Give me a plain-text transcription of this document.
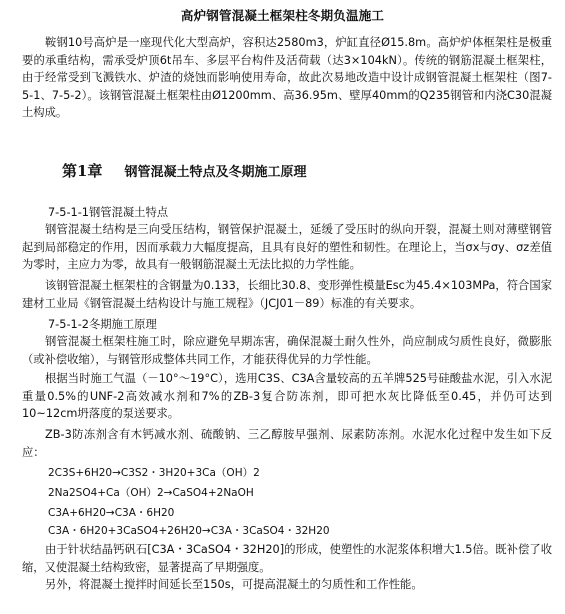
高炉钢管混凝土框架柱冬期负温施工

鞍钢10号高炉是一座现代化大型高炉，容积达2580m3，炉缸直径Ø15.8m。高炉炉体框架柱是极重要的承重结构，需承受炉顶6t吊车、多层平台构件及活荷载（达3×104kN）。传统的钢筋混凝土框架柱，由于经常受到飞溅铁水、炉渣的烧蚀而影响使用寿命，故此次易地改造中设计成钢管混凝土框架柱（图7-5-1、7-5-2）。该钢管混凝土框架柱由Ø1200mm、高36.95m、壁厚40mm的Q235钢管和内浇C30混凝土构成。

第1章 钢管混凝土特点及冬期施工原理
7-5-1-1钢管混凝土特点

钢管混凝土结构是三向受压结构，钢管保护混凝土，延缓了受压时的纵向开裂，混凝土则对薄壁钢管起到局部稳定的作用，因而承载力大幅度提高，且具有良好的塑性和韧性。在理论上，当σx与σy、σz差值为零时，主应力为零，故具有一般钢筋混凝土无法比拟的力学性能。

该钢管混凝土框架柱的含钢量为0.133，长细比30.8、变形弹性模量Esc为45.4×103MPa，符合国家建材工业局《钢管混凝土结构设计与施工规程》（JCJ01－89）标准的有关要求。

7-5-1-2冬期施工原理

钢管混凝土框架柱施工时，除应避免早期冻害，确保混凝土耐久性外，尚应制成匀质性良好，微膨胀（或补偿收缩），与钢管形成整体共同工作，才能获得优异的力学性能。

根据当时施工气温（－10°～19°C），选用C3S、C3A含量较高的五羊牌525号硅酸盐水泥，引入水泥重量0.5%的UNF-2高效减水剂和7%的ZB-3复合防冻剂，即可把水灰比降低至0.45，并仍可达到10~12cm坍落度的泵送要求。

ZB-3防冻剂含有木钙减水剂、硫酸钠、三乙醇胺早强剂、尿素防冻剂。水泥水化过程中发生如下反应：

2C3S+6H20→C3S2・3H20+3Ca（OH）2
2Na2SO4+Ca（OH）2→CaSO4+2NaOH
C3A+6H20→C3A・6H20
C3A・6H20+3CaSO4+26H20→C3A・3CaSO4・32H20

由于针状结晶钙矾石[C3A・3CaSO4・32H20]的形成，使塑性的水泥浆体积增大1.5倍。既补偿了收缩，又使混凝土结构致密，显著提高了早期强度。

另外，将混凝土搅拌时间延长至150s，可提高混凝土的匀质性和工作性能。
